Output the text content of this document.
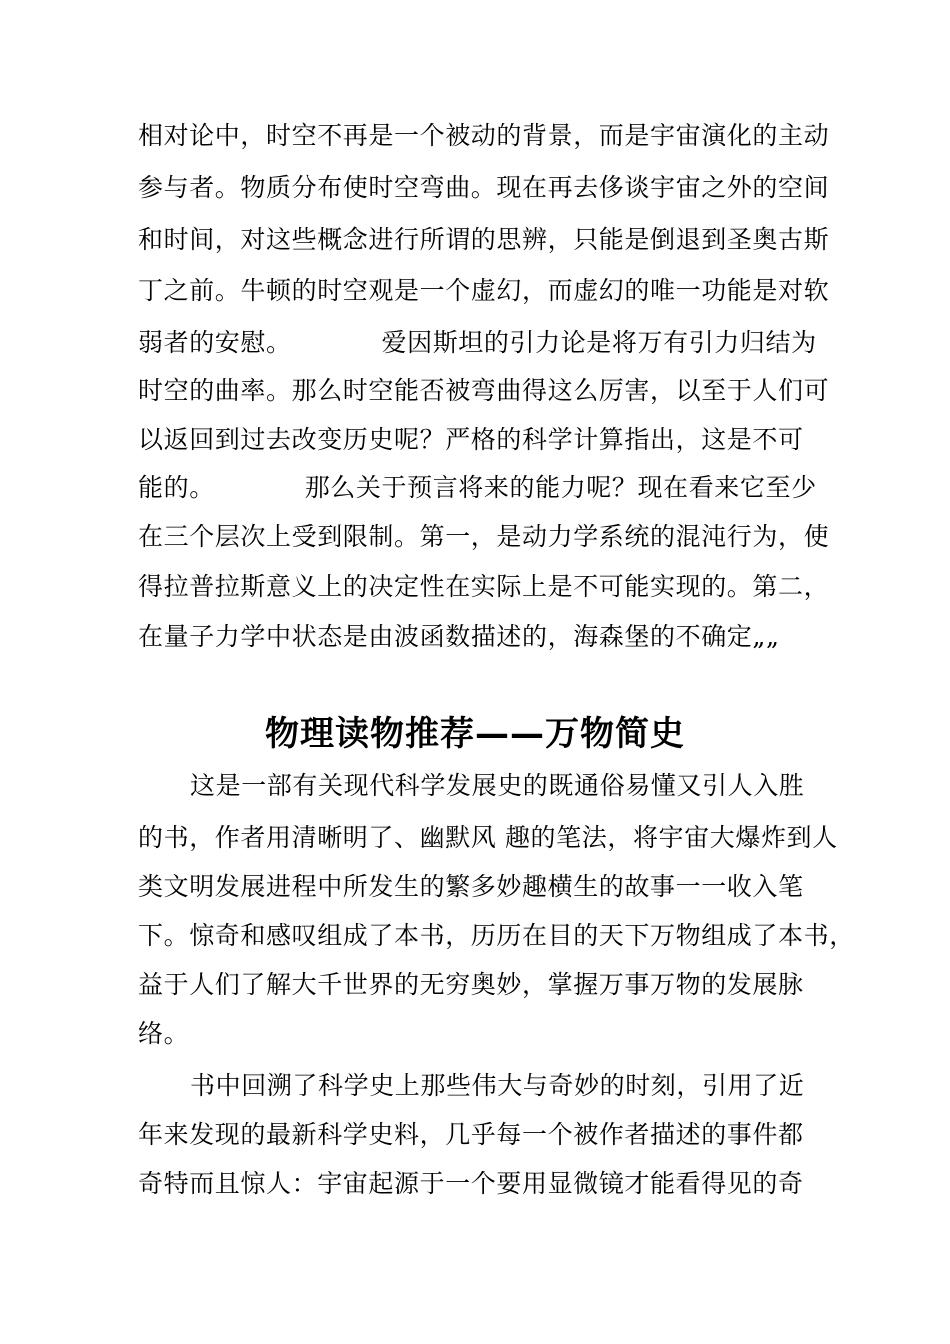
相对论中，时空不再是一个被动的背景，而是宇宙演化的主动
参与者。物质分布使时空弯曲。现在再去侈谈宇宙之外的空间
和时间，对这些概念进行所谓的思辨，只能是倒退到圣奥古斯
丁之前。牛顿的时空观是一个虚幻，而虚幻的唯一功能是对软
弱者的安慰。　　　　爱因斯坦的引力论是将万有引力归结为
时空的曲率。那么时空能否被弯曲得这么厉害，以至于人们可
以返回到过去改变历史呢？严格的科学计算指出，这是不可
能的。　　　　那么关于预言将来的能力呢？现在看来它至少
在三个层次上受到限制。第一，是动力学系统的混沌行为，使
得拉普拉斯意义上的决定性在实际上是不可能实现的。第二，
在量子力学中状态是由波函数描述的，海森堡的不确定„„
物理读物推荐——万物简史
这是一部有关现代科学发展史的既通俗易懂又引人入胜
的书，作者用清晰明了、幽默风 趣的笔法，将宇宙大爆炸到人
类文明发展进程中所发生的繁多妙趣横生的故事一一收入笔
下。惊奇和感叹组成了本书，历历在目的天下万物组成了本书，
益于人们了解大千世界的无穷奥妙，掌握万事万物的发展脉
络。
书中回溯了科学史上那些伟大与奇妙的时刻，引用了近
年来发现的最新科学史料，几乎每一个被作者描述的事件都
奇特而且惊人：宇宙起源于一个要用显微镜才能看得见的奇
